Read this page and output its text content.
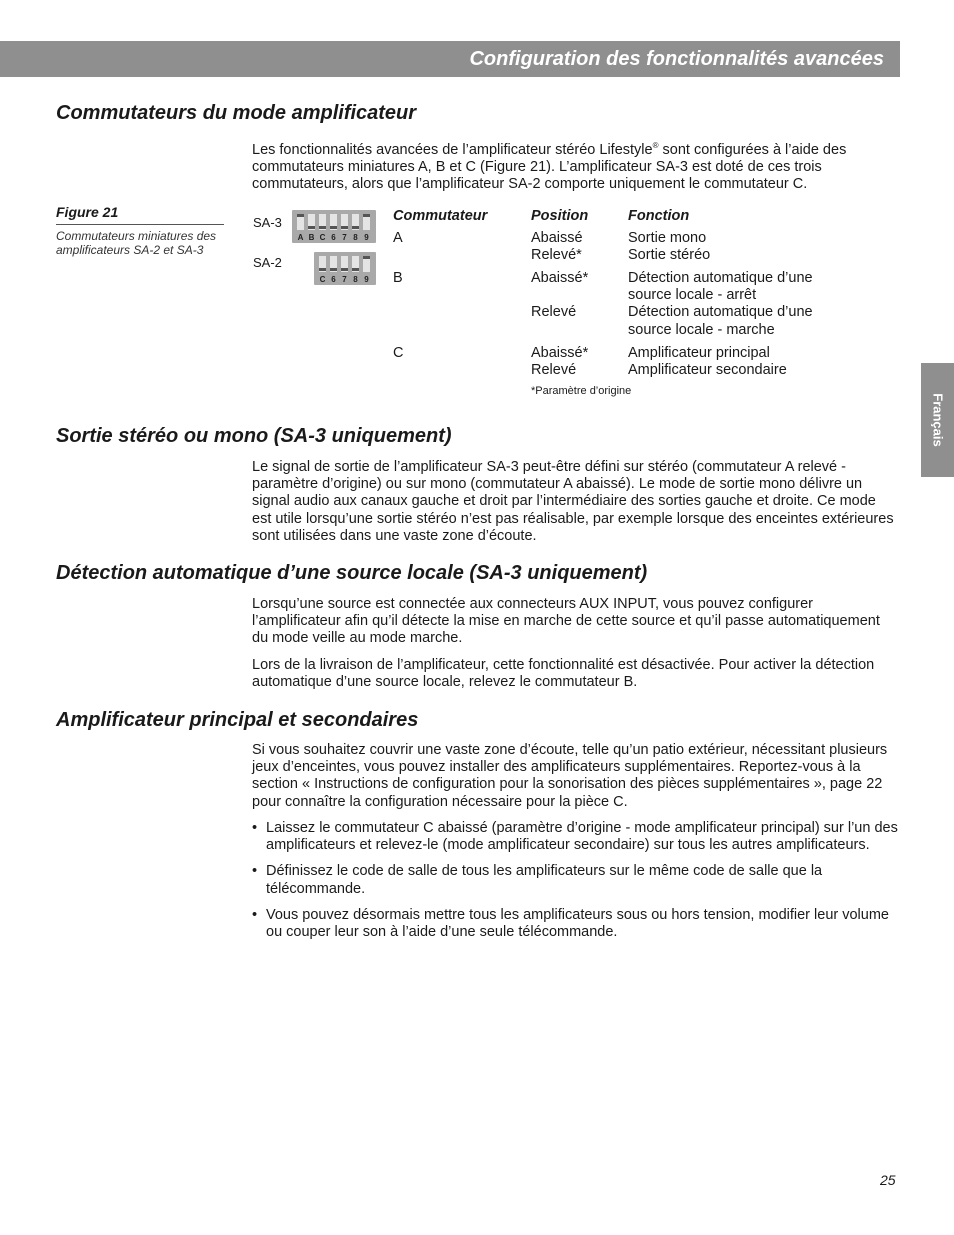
Configuration des fonctionnalités avancées
Français
Commutateurs du mode amplificateur

Les fonctionnalités avancées de l’amplificateur stéréo Lifestyle® sont configurées à l’aide des commutateurs miniatures A, B et C (Figure 21). L’amplificateur SA-3 est doté de ces trois commutateurs, alors que l’amplificateur SA-2 comporte uniquement le commutateur C.

Figure 21
Commutateurs miniatures des amplificateurs SA-2 et SA-3
SA-3
SA-2
A B C 6 7 8 9
C 6 7 8 9
Commutateur	Position	Fonction
A	Abaissé	Sortie mono
Relevé*	Sortie stéréo
B	Abaissé*	Détection automatique d’une
source locale - arrêt
Relevé	Détection automatique d’une
source locale - marche
C	Abaissé*	Amplificateur principal
Relevé	Amplificateur secondaire
*Paramètre d’origine
Sortie stéréo ou mono (SA-3 uniquement)

Le signal de sortie de l’amplificateur SA-3 peut-être défini sur stéréo (commutateur A relevé - paramètre d’origine) ou sur mono (commutateur A abaissé). Le mode de sortie mono délivre un signal audio aux canaux gauche et droit par l’intermédiaire des sorties gauche et droite. Ce mode est utile lorsqu’une sortie stéréo n’est pas réalisable, par exemple lorsque des enceintes extérieures sont utilisées dans une vaste zone d’écoute.

Détection automatique d’une source locale (SA-3 uniquement)

Lorsqu’une source est connectée aux connecteurs AUX INPUT, vous pouvez configurer l’amplificateur afin qu’il détecte la mise en marche de cette source et qu’il passe automatiquement du mode veille au mode marche.

Lors de la livraison de l’amplificateur, cette fonctionnalité est désactivée. Pour activer la détection automatique d’une source locale, relevez le commutateur B.

Amplificateur principal et secondaires

Si vous souhaitez couvrir une vaste zone d’écoute, telle qu’un patio extérieur, nécessitant plusieurs jeux d’enceintes, vous pouvez installer des amplificateurs supplémentaires. Reportez-vous à la section « Instructions de configuration pour la sonorisation des pièces supplémentaires », page 22 pour connaître la configuration nécessaire pour la pièce C.

• Laissez le commutateur C abaissé (paramètre d’origine - mode amplificateur principal) sur l’un des amplificateurs et relevez-le (mode amplificateur secondaire) sur tous les autres amplificateurs.
• Définissez le code de salle de tous les amplificateurs sur le même code de salle que la télécommande.
• Vous pouvez désormais mettre tous les amplificateurs sous ou hors tension, modifier leur volume ou couper leur son à l’aide d’une seule télécommande.
25
